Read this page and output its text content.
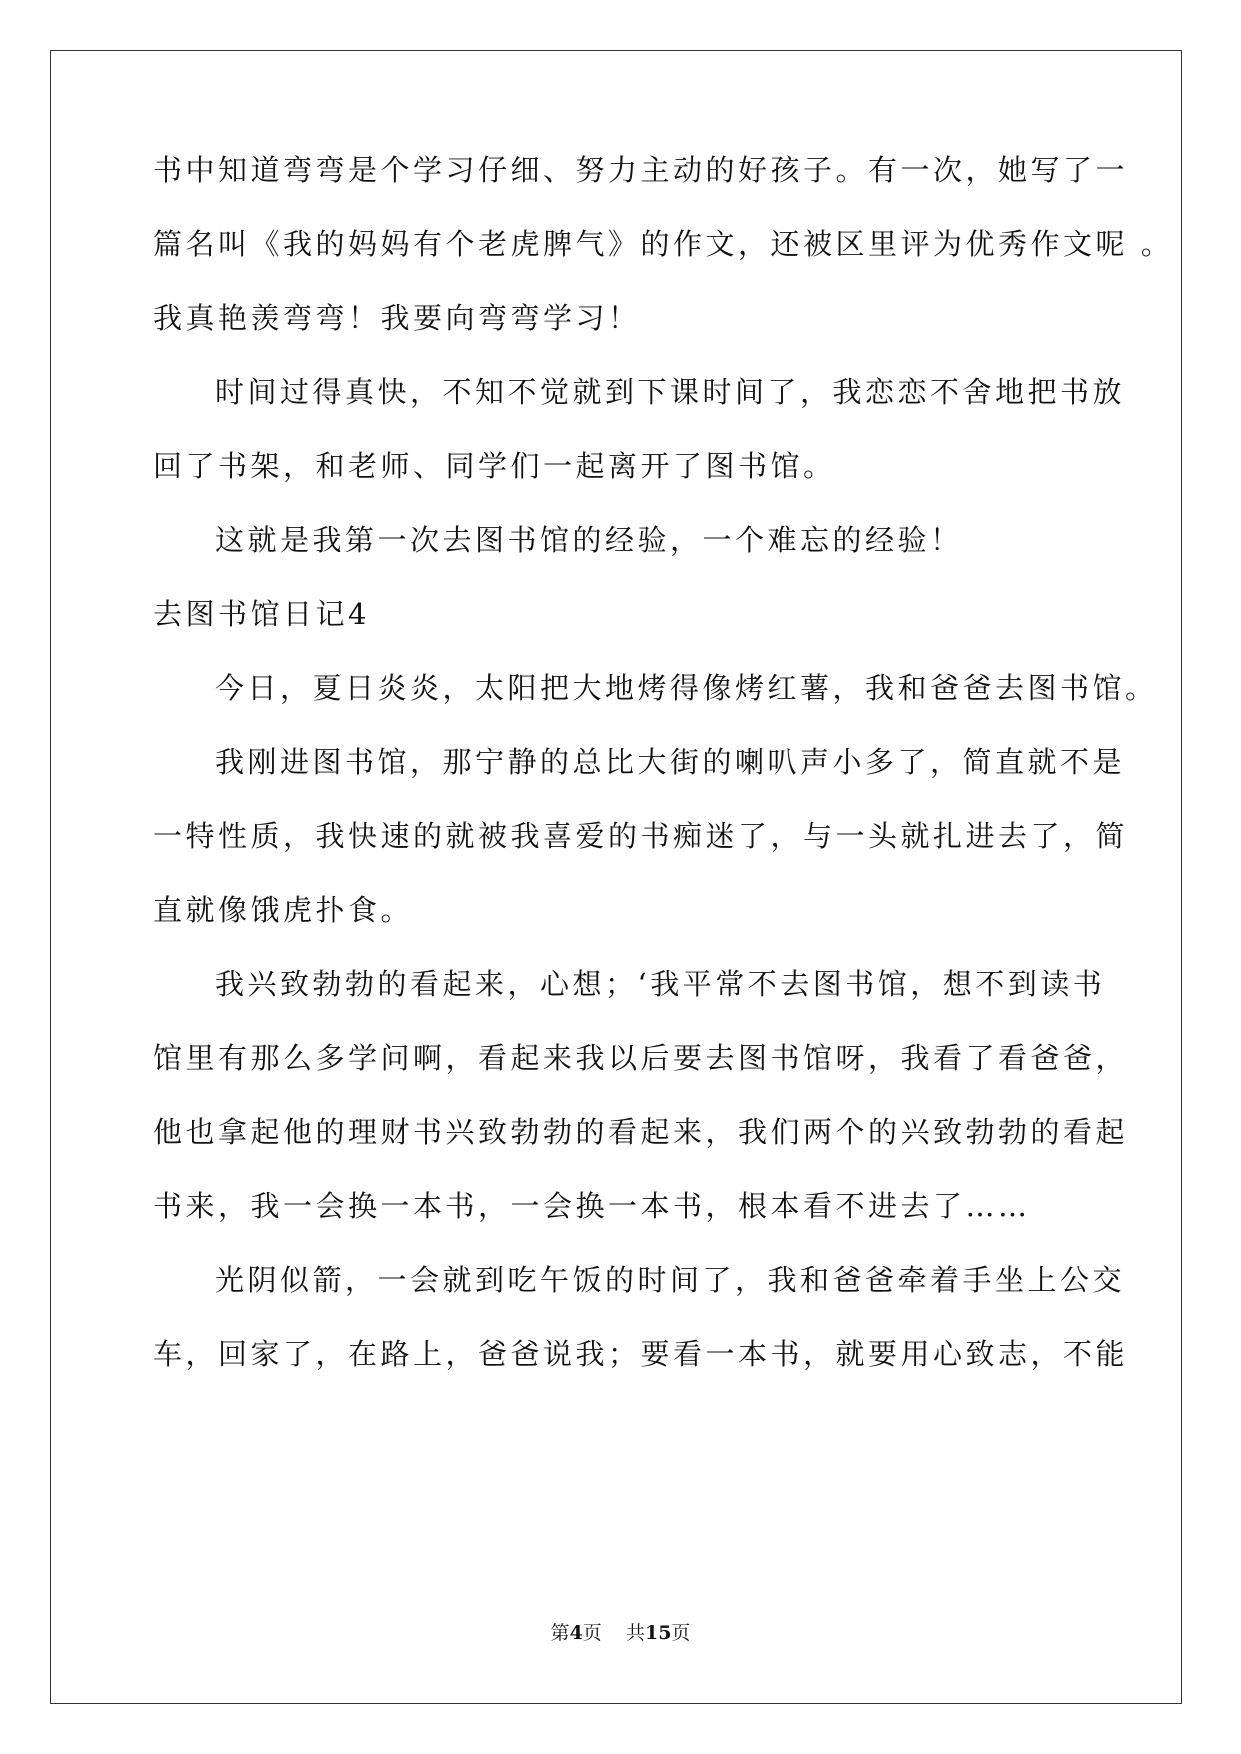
书中知道弯弯是个学习仔细、努力主动的好孩子。有一次，她写了一
篇名叫《我的妈妈有个老虎脾气》的作文，还被区里评为优秀作文呢 。
我真艳羡弯弯！我要向弯弯学习！
时间过得真快，不知不觉就到下课时间了，我恋恋不舍地把书放
回了书架，和老师、同学们一起离开了图书馆。
这就是我第一次去图书馆的经验，一个难忘的经验！
去图书馆日记4
今日，夏日炎炎，太阳把大地烤得像烤红薯，我和爸爸去图书馆。
我刚进图书馆，那宁静的总比大街的喇叭声小多了，简直就不是
一特性质，我快速的就被我喜爱的书痴迷了，与一头就扎进去了，简
直就像饿虎扑食。
我兴致勃勃的看起来，心想；‘我平常不去图书馆，想不到读书
馆里有那么多学问啊，看起来我以后要去图书馆呀，我看了看爸爸，
他也拿起他的理财书兴致勃勃的看起来，我们两个的兴致勃勃的看起
书来，我一会换一本书，一会换一本书，根本看不进去了……
光阴似箭，一会就到吃午饭的时间了，我和爸爸牵着手坐上公交
车，回家了，在路上，爸爸说我；要看一本书，就要用心致志，不能
第4页    共15页
